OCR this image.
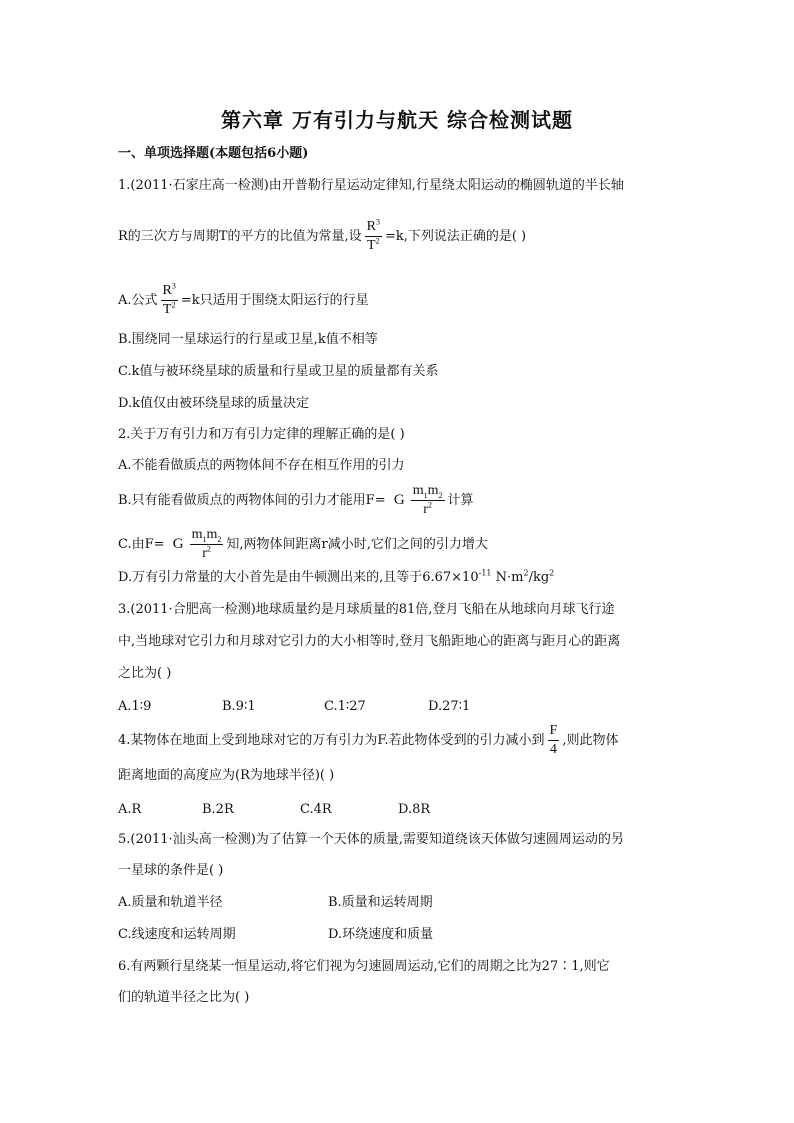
第六章 万有引力与航天 综合检测试题
一、单项选择题(本题包括6小题)
1.(2011·石家庄高一检测)由开普勒行星运动定律知,行星绕太阳运动的椭圆轨道的半长轴
R的三次方与周期T的平方的比值为常量,设 $\frac{R^3}{T^2} =k$,下列说法正确的是( )
A.公式 $\frac{R^3}{T^2} =k$只适用于围绕太阳运行的行星
B.围绕同一星球运行的行星或卫星,k值不相等
C.k值与被环绕星球的质量和行星或卫星的质量都有关系
D.k值仅由被环绕星球的质量决定
2.关于万有引力和万有引力定律的理解正确的是( )
A.不能看做质点的两物体间不存在相互作用的引力
B.只有能看做质点的两物体间的引力才能用F= G $\frac{m_1m_2}{r^2}$ 计算
C.由F= G $\frac{m_1m_2}{r^2}$ 知,两物体间距离r减小时,它们之间的引力增大
D.万有引力常量的大小首先是由牛顿测出来的,且等于$6.67\times 10^{-11}$ $N\cdot m^2/kg^2$
3.(2011·合肥高一检测)地球质量约是月球质量的81倍,登月飞船在从地球向月球飞行途
中,当地球对它引力和月球对它引力的大小相等时,登月飞船距地心的距离与距月心的距离
之比为( )
A.1∶9	B.9∶1	C.1∶27	D.27∶1
4.某物体在地面上受到地球对它的万有引力为F.若此物体受到的引力减小到 $\frac{F}{4}$ ,则此物体
距离地面的高度应为(R为地球半径)( )
A.R	B.2R	C.4R	D.8R
5.(2011·汕头高一检测)为了估算一个天体的质量,需要知道绕该天体做匀速圆周运动的另
一星球的条件是( )
A.质量和轨道半径	B.质量和运转周期
C.线速度和运转周期	D.环绕速度和质量
6.有两颗行星绕某一恒星运动,将它们视为匀速圆周运动,它们的周期之比为27∶1,则它
们的轨道半径之比为( )
